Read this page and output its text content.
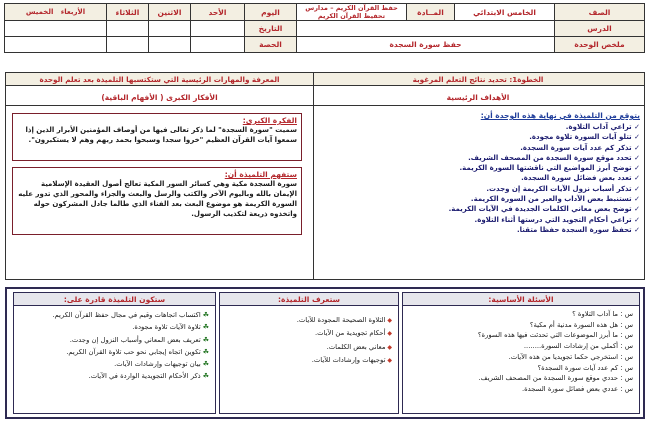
الصف	الخامس الابتدائي	المــادة	حفظ القرآن الكريم – مدارس تحفيظ القرآن الكريم	اليوم	الأحد	الاثنين	الثلاثاء	الأربعاء   الخميس
الدرس				التاريخ				
ملخص الوحدة	حفظ سورة السجدة			الحصة				
الخطوة1: تحديد نتائج التعلم المرغوبة
المعرفة والمهارات الرئيسية التي ستكتسبها التلميذة بعد تعلم الوحدة
الأهداف الرئيسية
الأفكار الكبرى ( الأفهام الباقية)
الفكرة الكبرى:
سميت "سورة السجدة" لما ذكر تعالى فيها من أوصاف المؤمنين الأبرار الذين إذا سمعوا آيات القرآن العظيم "خروا سجدا وسبحوا بحمد ربهم وهم لا يستكبرون".
ستفهم التلميذة أن:
سورة السجدة مكية وهي كسائر السور المكية تعالج أصول العقيدة الإسلامية الإيمان بالله وباليوم الآخر والكتب والرسل والبعث والجزاء والمحور الذي تدور عليه السورة الكريمة هو موضوع البعث بعد الفناء الذي طالما جادل المشركون حوله واتخذوه ذريعة لتكذيب الرسول.
يتوقع من التلميذة في نهاية هذه الوحدة أن:
✓ تراعي آداب التلاوة.
✓ تتلو آيات السورة تلاوة مجودة.
✓ تذكر كم عدد آيات سورة السجدة.
✓ تحدد موقع سورة السجدة من المصحف الشريف.
✓ توضح أبرز المواضيع التي ناقشتها السورة الكريمة.
✓ تعدد بعض فضائل سورة السجدة.
✓ تذكر أسباب نزول الآيات الكريمة إن وجدت.
✓ تستنبط بعض الآداب والعبر من السورة الكريمة.
✓ توضح بعض معاني الكلمات الجديدة في الآيات الكريمة.
✓ تراعي أحكام التجويد التي درستها أثناء التلاوة.
✓ تحفظ سورة السجدة حفظا متقنا.
الأسئلة الأساسية:
س : ما آداب التلاوة ؟
س : هل هذه السورة مدنية أم مكية؟
س : ما أبرز الموضوعات التي تحدثت فيها هذه السورة؟
س : أكملي من إرشادات السورة........
س : استخرجي حكما تجويديا من هذه الآيات.
س : كم عدد آيات سورة السجدة؟
س : حددي موقع سورة السجدة من المصحف الشريف.
س : عددي بعض فضائل سورة السجدة.
ستعرف التلميذة:
◆ التلاوة الصحيحة المجودة للآيات.
◆ أحكام تجويدية من الآيات.
◆ معاني بعض الكلمات.
◆ توجيهات وإرشادات للآيات.
ستكون التلميذة قادرة على:
☘اكتساب اتجاهات وقيم في مجال حفظ القرآن الكريم.
☘تلاوة الآيات تلاوة مجودة.
☘تعريف بعض المعاني وأسباب النزول إن وجدت.
☘تكوين اتجاه إيجابي نحو حب تلاوة القرآن الكريم.
☘بيان توجيهات وإرشادات الآيات.
☘ذكر الأحكام التجويدية الواردة في الآيات.
